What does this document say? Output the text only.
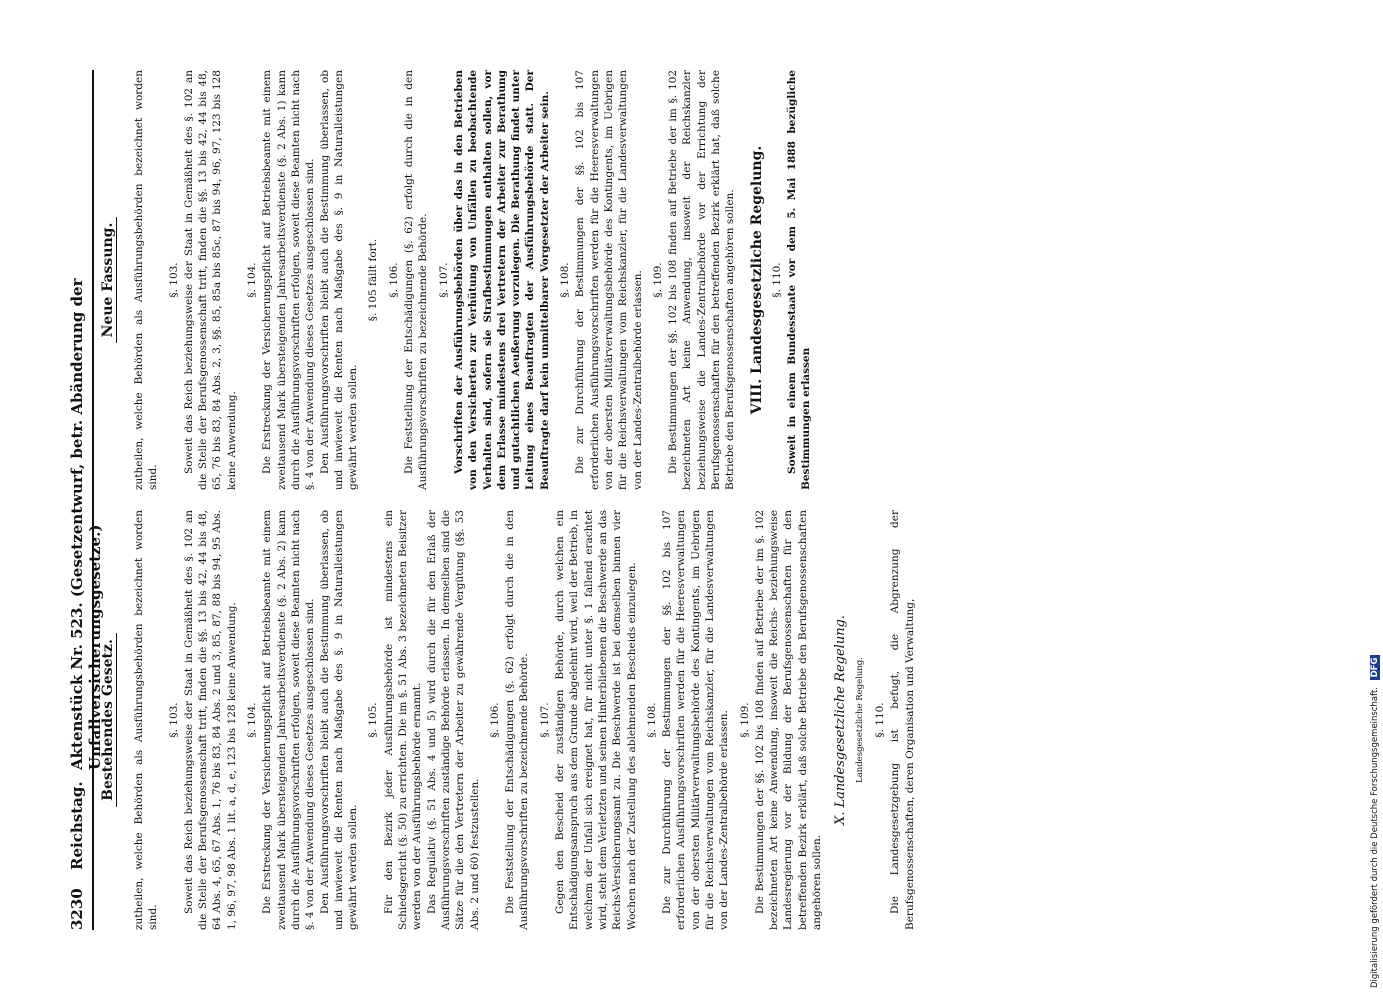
3230
Reichstag.
Aktenstück Nr. 523. (Gesetzentwurf, betr. Abänderung der Unfallversicherungsgesetze.)
Bestehendes Gesetz.
Neue Fassung.

zutheilen, welche Behörden als Ausführungsbehörden bezeichnet worden sind.

§. 103. Soweit das Reich beziehungsweise der Staat in Gemäßheit des §. 102 an die Stelle der Berufsgenossenschaft tritt, finden die §§. 13 bis 42, 44 bis 48, 64 Abs. 4, 65, 67 Abs. 1, 76 bis 83, 84 Abs. 2 und 3, 85, 87, 88 bis 94, 95 Abs. 1, 96, 97, 98 Abs. 1 lit. a, d, e, 123 bis 128 keine Anwendung. §. 104. Die Erstreckung der Versicherungspflicht auf Betriebsbeamte mit einem zweitausend Mark übersteigenden Jahresarbeitsverdienste (§. 2 Abs. 2) kann durch die Ausführungsvorschriften erfolgen, soweit diese Beamten nicht nach §. 4 von der Anwendung dieses Gesetzes ausgeschlossen sind. Den Ausführungsvorschriften bleibt auch die Bestimmung überlassen, ob und inwieweit die Renten nach Maßgabe des §. 9 in Naturalleistungen gewährt werden sollen.

§. 105. Für den Bezirk jeder Ausführungsbehörde ist mindestens ein Schiedsgericht (§. 50) zu errichten. Die im §. 51 Abs. 3 bezeichneten Beisitzer werden von der Ausführungsbehörde ernannt. Das Regulativ (§. 51 Abs. 4 und 5) wird durch die für den Erlaß der Ausführungsvorschriften zuständige Behörde erlassen. In demselben sind die Sätze für die den Vertretern der Arbeiter zu gewährende Vergütung (§§. 53 Abs. 2 und 60) festzustellen.

§. 106. Die Feststellung der Entschädigungen (§. 62) erfolgt durch die in den Ausführungsvorschriften zu bezeichnende Behörde. §. 107. Gegen den Bescheid der zuständigen Behörde, durch welchen ein Entschädigungsanspruch aus dem Grunde abgelehnt wird, weil der Betrieb, in welchem der Unfall sich ereignet hat, für nicht unter §. 1 fallend erachtet wird, steht dem Verletzten und seinen Hinterbliebenen die Beschwerde an das Reichs-Versicherungsamt zu. Die Beschwerde ist bei demselben binnen vier Wochen nach der Zustellung des ablehnenden Bescheids einzulegen. §. 108. Die zur Durchführung der Bestimmungen der §§. 102 bis 107 erforderlichen Ausführungsvorschriften werden für die Heeresverwaltungen von der obersten Militärverwaltungsbehörde des Kontingents, im Uebrigen für die Reichsverwaltungen vom Reichskanzler, für die Landesverwaltungen von der Landes-Zentralbehörde erlassen. §. 109. Die Bestimmungen der §§. 102 bis 108 finden auf Betriebe der im §. 102 bezeichneten Art keine Anwendung, insoweit die Reichs- beziehungsweise Landesregierung vor der Bildung der Berufsgenossenschaften für den betreffenden Bezirk erklärt, daß solche Betriebe den Berufsgenossenschaften angehören sollen.

X. Landesgesetzliche Regelung. Landesgesetzliche Regelung. §. 110. Die Landesgesetzgebung ist befugt, die Abgrenzung der Berufsgenossenschaften, deren Organisation und Verwaltung,

zutheilen, welche Behörden als Ausführungsbehörden bezeichnet worden sind.

§. 103. Soweit das Reich beziehungsweise der Staat in Gemäßheit des §. 102 an die Stelle der Berufsgenossenschaft tritt, finden die §§. 13 bis 42, 44 bis 48, 65, 76 bis 83, 84 Abs. 2, 3, §§. 85, 85a bis 85c, 87 bis 94, 96, 97, 123 bis 128 keine Anwendung.

§. 104. Die Erstreckung der Versicherungspflicht auf Betriebsbeamte mit einem zweitausend Mark übersteigenden Jahresarbeitsverdienste (§. 2 Abs. 1) kann durch die Ausführungsvorschriften erfolgen, soweit diese Beamten nicht nach §. 4 von der Anwendung dieses Gesetzes ausgeschlossen sind. Den Ausführungsvorschriften bleibt auch die Bestimmung überlassen, ob und inwieweit die Renten nach Maßgabe des §. 9 in Naturalleistungen gewährt werden sollen.

§. 105 fällt fort. §. 106. Die Feststellung der Entschädigungen (§. 62) erfolgt durch die in den Ausführungsvorschriften zu bezeichnende Behörde. §. 107. Vorschriften der Ausführungsbehörden über das in den Betrieben von den Versicherten zur Verhütung von Unfällen zu beobachtende Verhalten sind, sofern sie Strafbestimmungen enthalten sollen, vor dem Erlasse mindestens drei Vertretern der Arbeiter zur Berathung und gutachtlichen Aeußerung vorzulegen. Die Berathung findet unter Leitung eines Beauftragten der Ausführungsbehörde statt. Der Beauftragte darf kein unmittelbarer Vorgesetzter der Arbeiter sein. §. 108. Die zur Durchführung der Bestimmungen der §§. 102 bis 107 erforderlichen Ausführungsvorschriften werden für die Heeresverwaltungen von der obersten Militärverwaltungsbehörde des Kontingents, im Uebrigen für die Reichsverwaltungen vom Reichskanzler, für die Landesverwaltungen von der Landes-Zentralbehörde erlassen. §. 109. Die Bestimmungen der §§. 102 bis 108 finden auf Betriebe der im §. 102 bezeichneten Art keine Anwendung, insoweit der Reichskanzler beziehungsweise die Landes-Zentralbehörde vor der Errichtung der Berufsgenossenschaften für den betreffenden Bezirk erklärt hat, daß solche Betriebe den Berufsgenossenschaften angehören sollen. VIII. Landesgesetzliche Regelung. §. 110. Soweit in einem Bundesstaate vor dem 5. Mai 1888 bezügliche Bestimmungen erlassen

Digitalisierung gefördert durch die Deutsche Forschungsgemeinschaft. DFG
